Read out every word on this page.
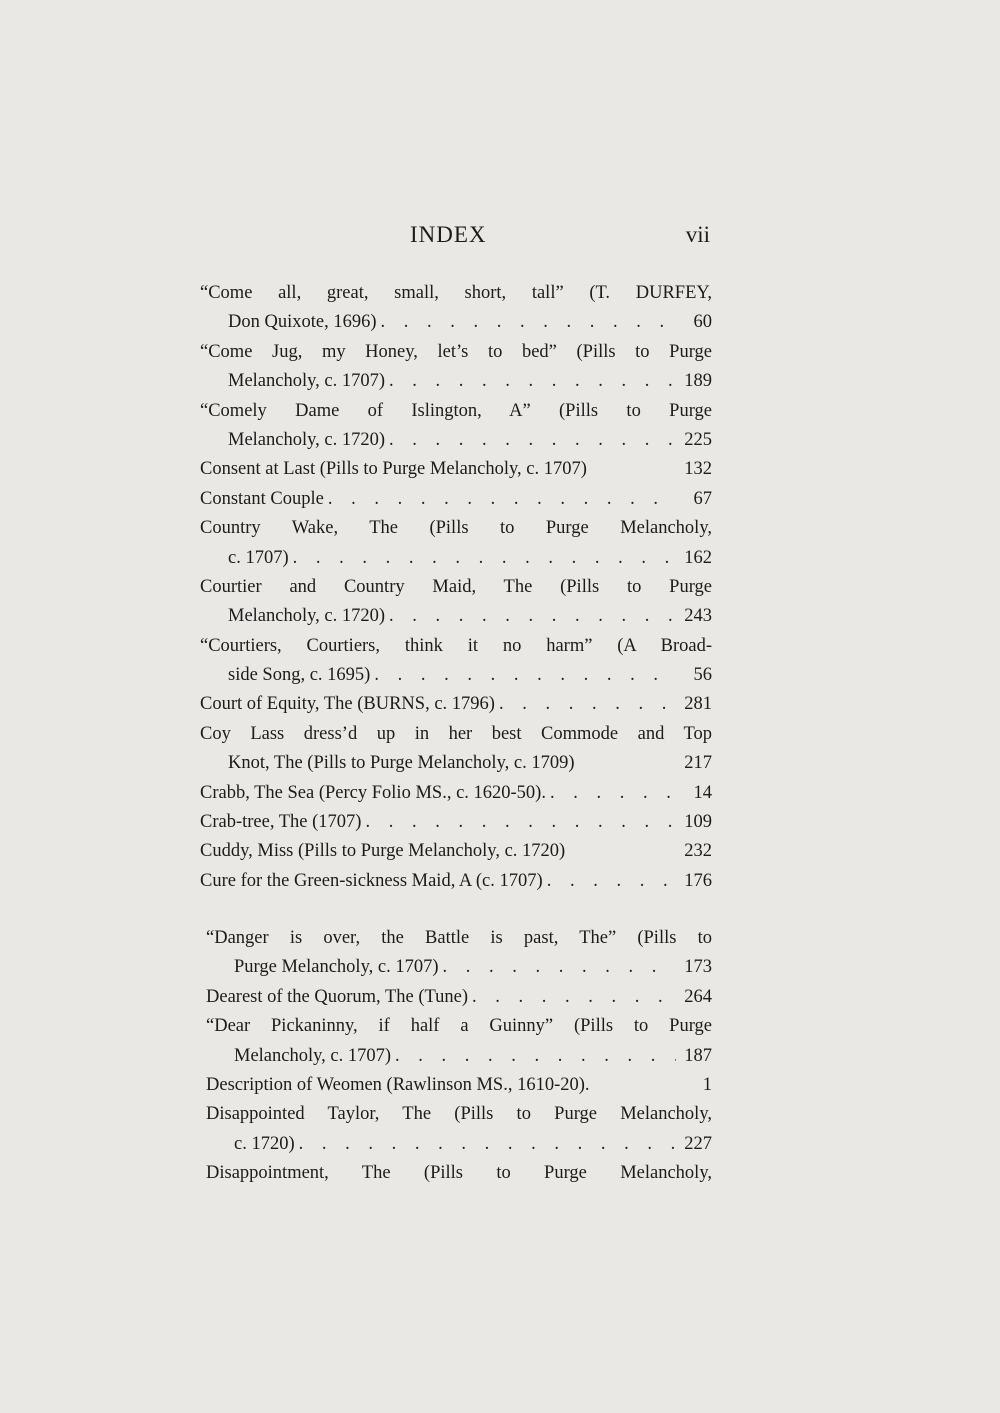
INDEX	vii
“Come all, great, small, short, tall” (T. DURFEY,
Don Quixote, 1696) . . .	60
“Come Jug, my Honey, let’s to bed” (Pills to Purge
Melancholy, c. 1707) . . .	189
“Comely Dame of Islington, A” (Pills to Purge
Melancholy, c. 1720) . . .	225
Consent at Last (Pills to Purge Melancholy, c. 1707)	132
Constant Couple . . .	67
Country Wake, The (Pills to Purge Melancholy,
c. 1707) . . .	162
Courtier and Country Maid, The (Pills to Purge
Melancholy, c. 1720) . . .	243
“Courtiers, Courtiers, think it no harm” (A Broad-
side Song, c. 1695) . . .	56
Court of Equity, The (BURNS, c. 1796) . . .	281
Coy Lass dress’d up in her best Commode and Top
Knot, The (Pills to Purge Melancholy, c. 1709)	217
Crabb, The Sea (Percy Folio MS., c. 1620-50). . . .	14
Crab-tree, The (1707) . . .	109
Cuddy, Miss (Pills to Purge Melancholy, c. 1720)	232
Cure for the Green-sickness Maid, A (c. 1707) . . .	176
“Danger is over, the Battle is past, The” (Pills to
Purge Melancholy, c. 1707) . . .	173
Dearest of the Quorum, The (Tune) . . .	264
“Dear Pickaninny, if half a Guinny” (Pills to Purge
Melancholy, c. 1707) . . .	187
Description of Weomen (Rawlinson MS., 1610-20).	1
Disappointed Taylor, The (Pills to Purge Melancholy,
c. 1720) . . .	227
Disappointment, The (Pills to Purge Melancholy,
